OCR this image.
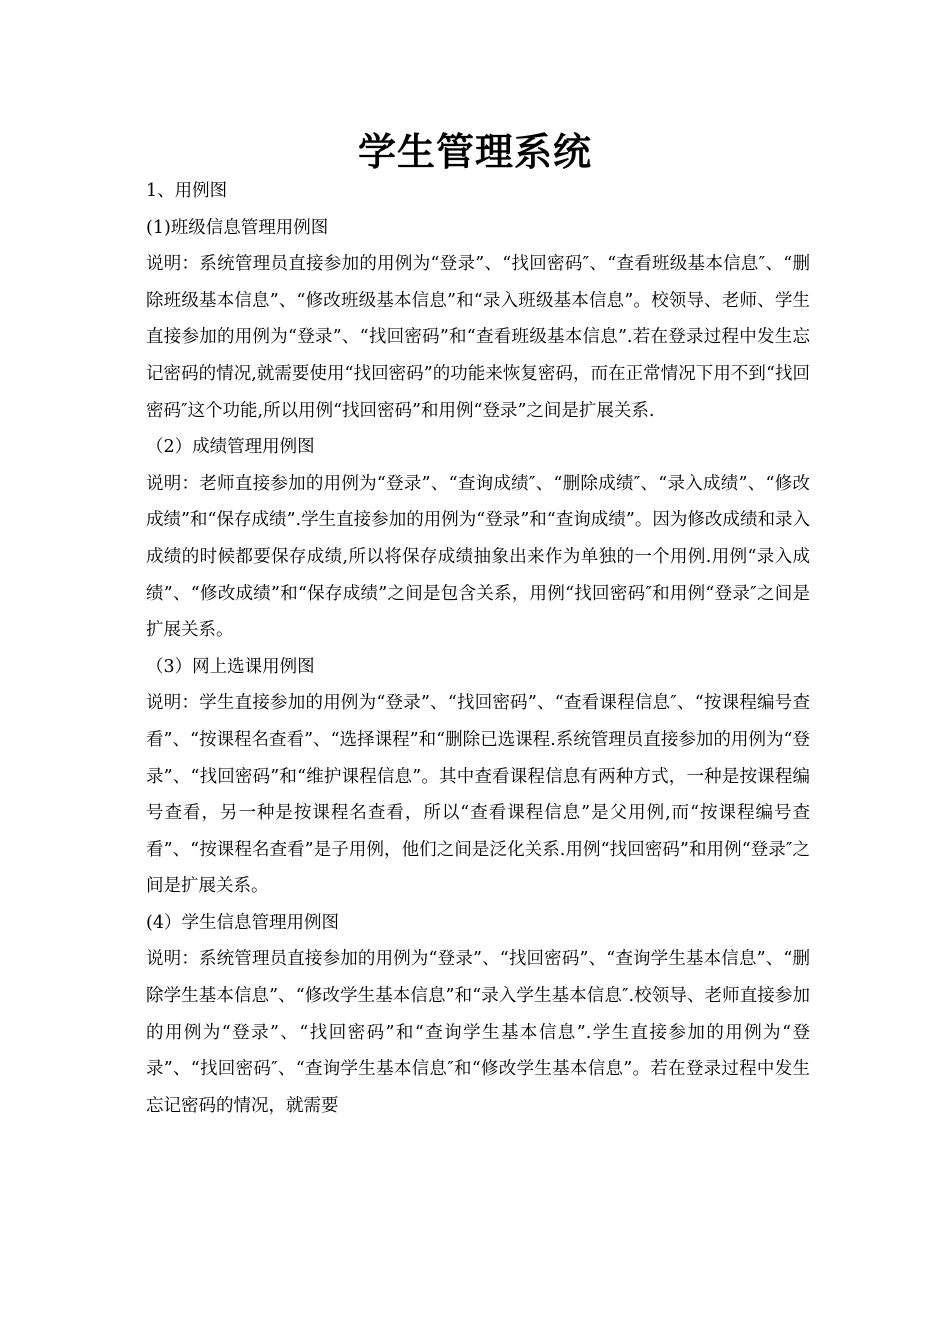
学生管理系统

1、用例图

(1)班级信息管理用例图

说明：系统管理员直接参加的用例为“登录”、“找回密码″、“查看班级基本信息″、“删除班级基本信息”、“修改班级基本信息”和“录入班级基本信息”。校领导、老师、学生直接参加的用例为“登录”、“找回密码”和“查看班级基本信息”.若在登录过程中发生忘记密码的情况,就需要使用“找回密码”的功能来恢复密码，而在正常情况下用不到“找回密码″这个功能,所以用例“找回密码”和用例“登录”之间是扩展关系.

（2）成绩管理用例图

说明：老师直接参加的用例为“登录”、“查询成绩″、“删除成绩″、“录入成绩”、“修改成绩”和“保存成绩”.学生直接参加的用例为“登录”和“查询成绩”。因为修改成绩和录入成绩的时候都要保存成绩,所以将保存成绩抽象出来作为单独的一个用例.用例“录入成绩”、“修改成绩”和“保存成绩”之间是包含关系，用例“找回密码″和用例“登录″之间是扩展关系。

（3）网上选课用例图

说明：学生直接参加的用例为“登录”、“找回密码”、“查看课程信息″、“按课程编号查看”、“按课程名查看”、“选择课程”和“删除已选课程.系统管理员直接参加的用例为“登录”、“找回密码”和“维护课程信息”。其中查看课程信息有两种方式，一种是按课程编号查看，另一种是按课程名查看，所以“查看课程信息”是父用例,而“按课程编号查看”、“按课程名查看”是子用例，他们之间是泛化关系.用例“找回密码”和用例“登录″之间是扩展关系。

(4）学生信息管理用例图

说明：系统管理员直接参加的用例为“登录”、“找回密码”、“查询学生基本信息”、“删除学生基本信息”、“修改学生基本信息”和“录入学生基本信息″.校领导、老师直接参加的用例为“登录”、“找回密码”和“查询学生基本信息”.学生直接参加的用例为“登录”、“找回密码″、“查询学生基本信息″和“修改学生基本信息”。若在登录过程中发生忘记密码的情况，就需要
